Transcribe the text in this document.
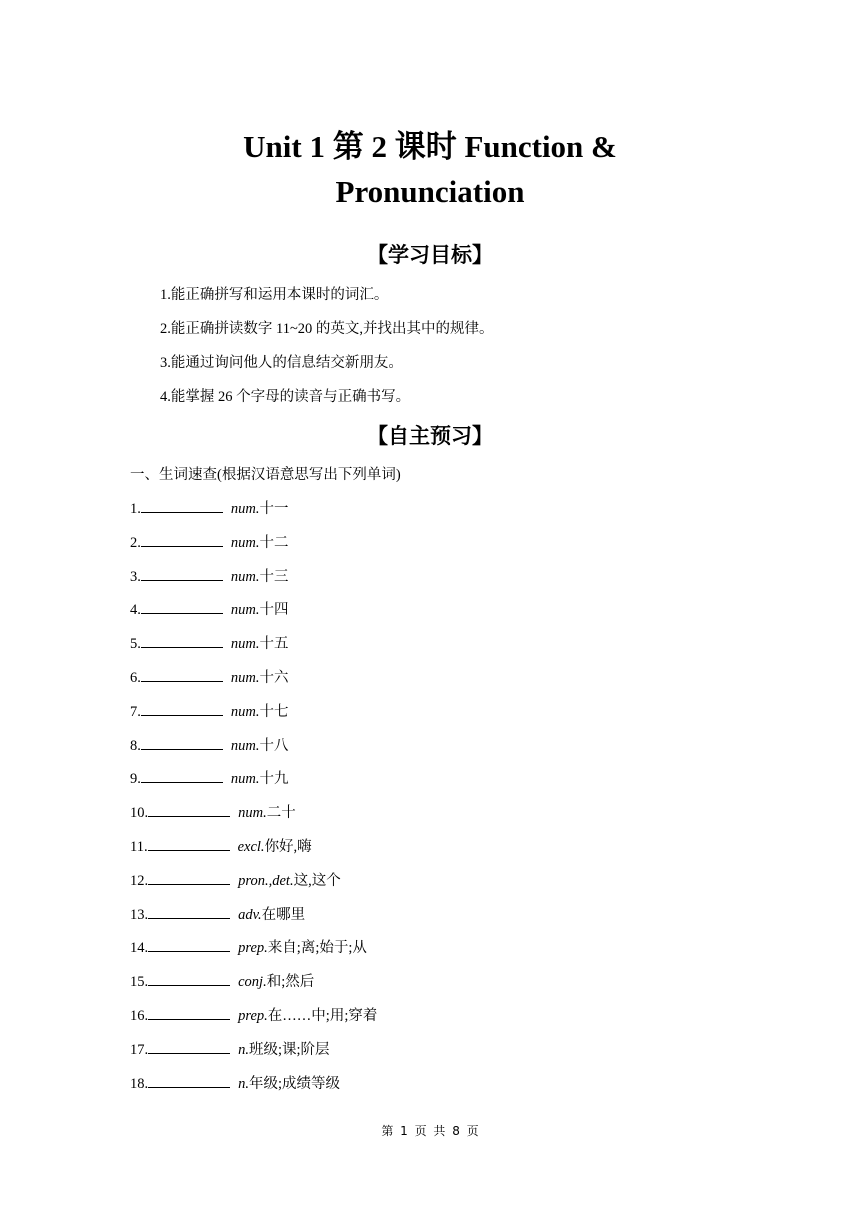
Unit 1 第 2 课时 Function &
Pronunciation
【学习目标】
1.能正确拼写和运用本课时的词汇。
2.能正确拼读数字 11~20 的英文,并找出其中的规律。
3.能通过询问他人的信息结交新朋友。
4.能掌握 26 个字母的读音与正确书写。
【自主预习】
一、生词速查(根据汉语意思写出下列单词)
1.	num.十一
2.	num.十二
3.	num.十三
4.	num.十四
5.	num.十五
6.	num.十六
7.	num.十七
8.	num.十八
9.	num.十九
10.	num.二十
11.	excl.你好,嗨
12.	pron.,det.这,这个
13.	adv.在哪里
14.	prep.来自;离;始于;从
15.	conj.和;然后
16.	prep.在……中;用;穿着
17.	n.班级;课;阶层
18.	n.年级;成绩等级
第 1 页 共 8 页
